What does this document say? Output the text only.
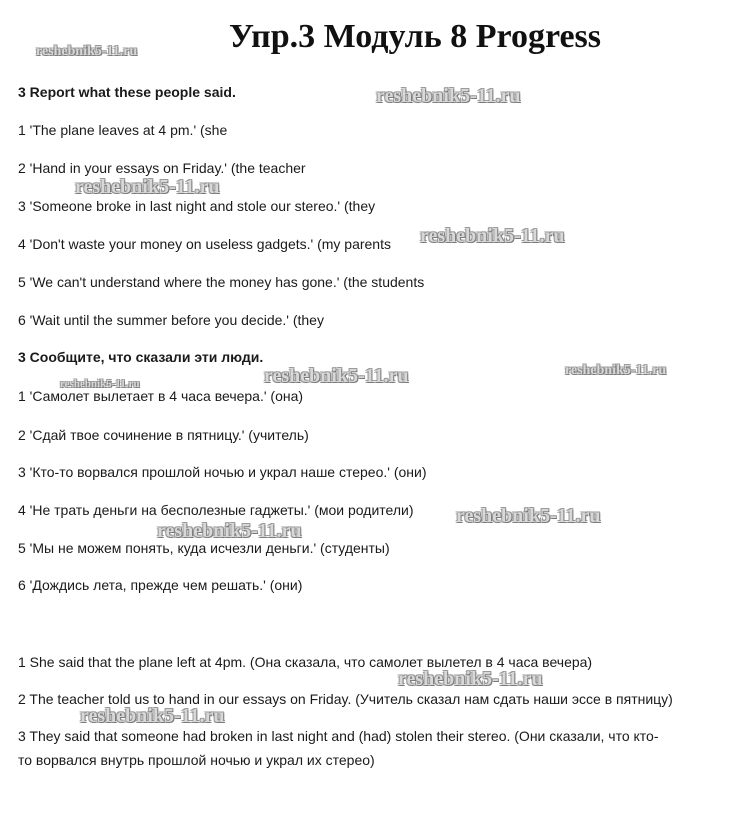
Упр.3 Модуль 8 Progress
3 Report what these people said.
1 'The plane leaves at 4 pm.' (she
2 'Hand in your essays on Friday.' (the teacher
3 'Someone broke in last night and stole our stereo.' (they
4 'Don't waste your money on useless gadgets.' (my parents
5 'We can't understand where the money has gone.' (the students
6 'Wait until the summer before you decide.' (they
3 Сообщите, что сказали эти люди.
1 'Самолет вылетает в 4 часа вечера.' (она)
2 'Сдай твое сочинение в пятницу.' (учитель)
3 'Кто-то ворвался прошлой ночью и украл наше стерео.' (они)
4 'Не трать деньги на бесполезные гаджеты.' (мои родители)
5 'Мы не можем понять, куда исчезли деньги.' (студенты)
6 'Дождись лета, прежде чем решать.' (они)
1 She said that the plane left at 4pm. (Она сказала, что самолет вылетел в 4 часа вечера)
2 The teacher told us to hand in our essays on Friday. (Учитель сказал нам сдать наши эссе в пятницу)
3 They said that someone had broken in last night and (had) stolen their stereo. (Они сказали, что кто-
то ворвался внутрь прошлой ночью и украл их стерео)
reshebnik5-11.ru
reshebnik5-11.ru
reshebnik5-11.ru
reshebnik5-11.ru
reshebnik5-11.ru	reshebnik5-11.ru	reshebnik5-11.ru
reshebnik5-11.ru
reshebnik5-11.ru
reshebnik5-11.ru
reshebnik5-11.ru
